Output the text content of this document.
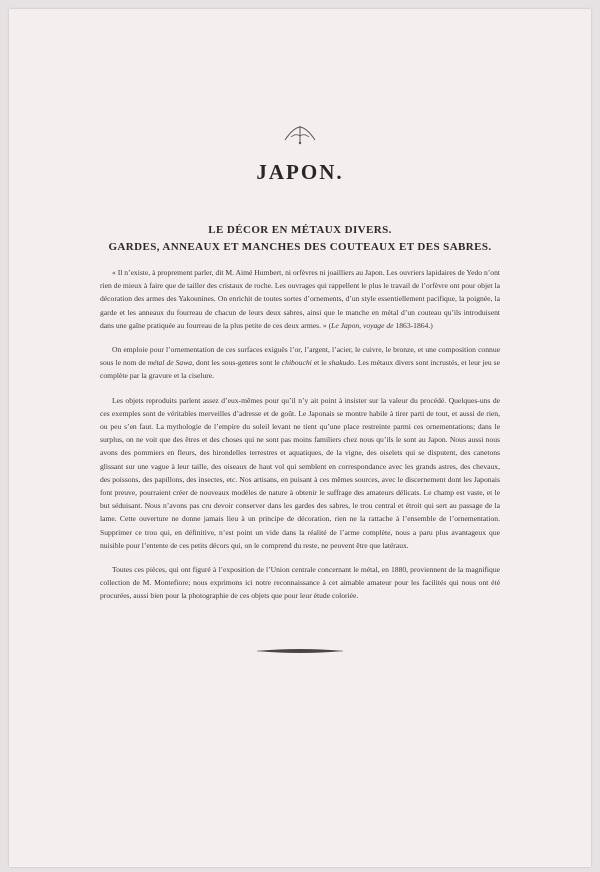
JAPON.
LE DÉCOR EN MÉTAUX DIVERS.
GARDES, ANNEAUX ET MANCHES DES COUTEAUX ET DES SABRES.

« Il n’existe, à proprement parler, dit M. Aimé Humbert, ni orfèvres ni joailliers au Japon. Les ouvriers lapidaires de Yedo n’ont rien de mieux à faire que de tailler des cristaux de roche. Les ouvrages qui rappellent le plus le travail de l’orfèvre ont pour objet la décoration des armes des Yakounines. On enrichit de toutes sortes d’ornements, d’un style essentiellement pacifique, la poignée, la garde et les anneaux du fourreau de chacun de leurs deux sabres, ainsi que le manche en métal d’un couteau qu’ils introduisent dans une gaîne pratiquée au fourreau de la plus petite de ces deux armes. » (Le Japon, voyage de 1863-1864.)

On emploie pour l’ornementation de ces surfaces exiguës l’or, l’argent, l’acier, le cuivre, le bronze, et une composition connue sous le nom de métal de Sawa, dont les sous-genres sont le chibouchi et le shakudo. Les métaux divers sont incrustés, et leur jeu se complète par la gravure et la ciselure.

Les objets reproduits parlent assez d’eux-mêmes pour qu’il n’y ait point à insister sur la valeur du procédé. Quelques-uns de ces exemples sont de véritables merveilles d’adresse et de goût. Le Japonais se montre habile à tirer parti de tout, et aussi de rien, ou peu s’en faut. La mythologie de l’empire du soleil levant ne tient qu’une place restreinte parmi ces ornementations; dans le surplus, on ne voit que des êtres et des choses qui ne sont pas moins familiers chez nous qu’ils le sont au Japon. Nous aussi nous avons des pommiers en fleurs, des hirondelles terrestres et aquatiques, de la vigne, des oiselets qui se disputent, des canetons glissant sur une vague à leur taille, des oiseaux de haut vol qui semblent en correspondance avec les grands astres, des chevaux, des poissons, des papillons, des insectes, etc. Nos artisans, en puisant à ces mêmes sources, avec le discernement dont les Japonais font preuve, pourraient créer de nouveaux modèles de nature à obtenir le suffrage des amateurs délicats. Le champ est vaste, et le but séduisant. Nous n’avons pas cru devoir conserver dans les gardes des sabres, le trou central et étroit qui sert au passage de la lame. Cette ouverture ne donne jamais lieu à un principe de décoration, rien ne la rattache à l’ensemble de l’ornementation. Supprimer ce trou qui, en définitive, n’est point un vide dans la réalité de l’arme complète, nous a paru plus avantageux que nuisible pour l’entente de ces petits décors qui, on le comprend du reste, ne peuvent être que latéraux.

Toutes ces pièces, qui ont figuré à l’exposition de l’Union centrale concernant le métal, en 1880, proviennent de la magnifique collection de M. Montefiore; nous exprimons ici notre reconnaissance à cet aimable amateur pour les facilités qui nous ont été procurées, aussi bien pour la photographie de ces objets que pour leur étude coloriée.
